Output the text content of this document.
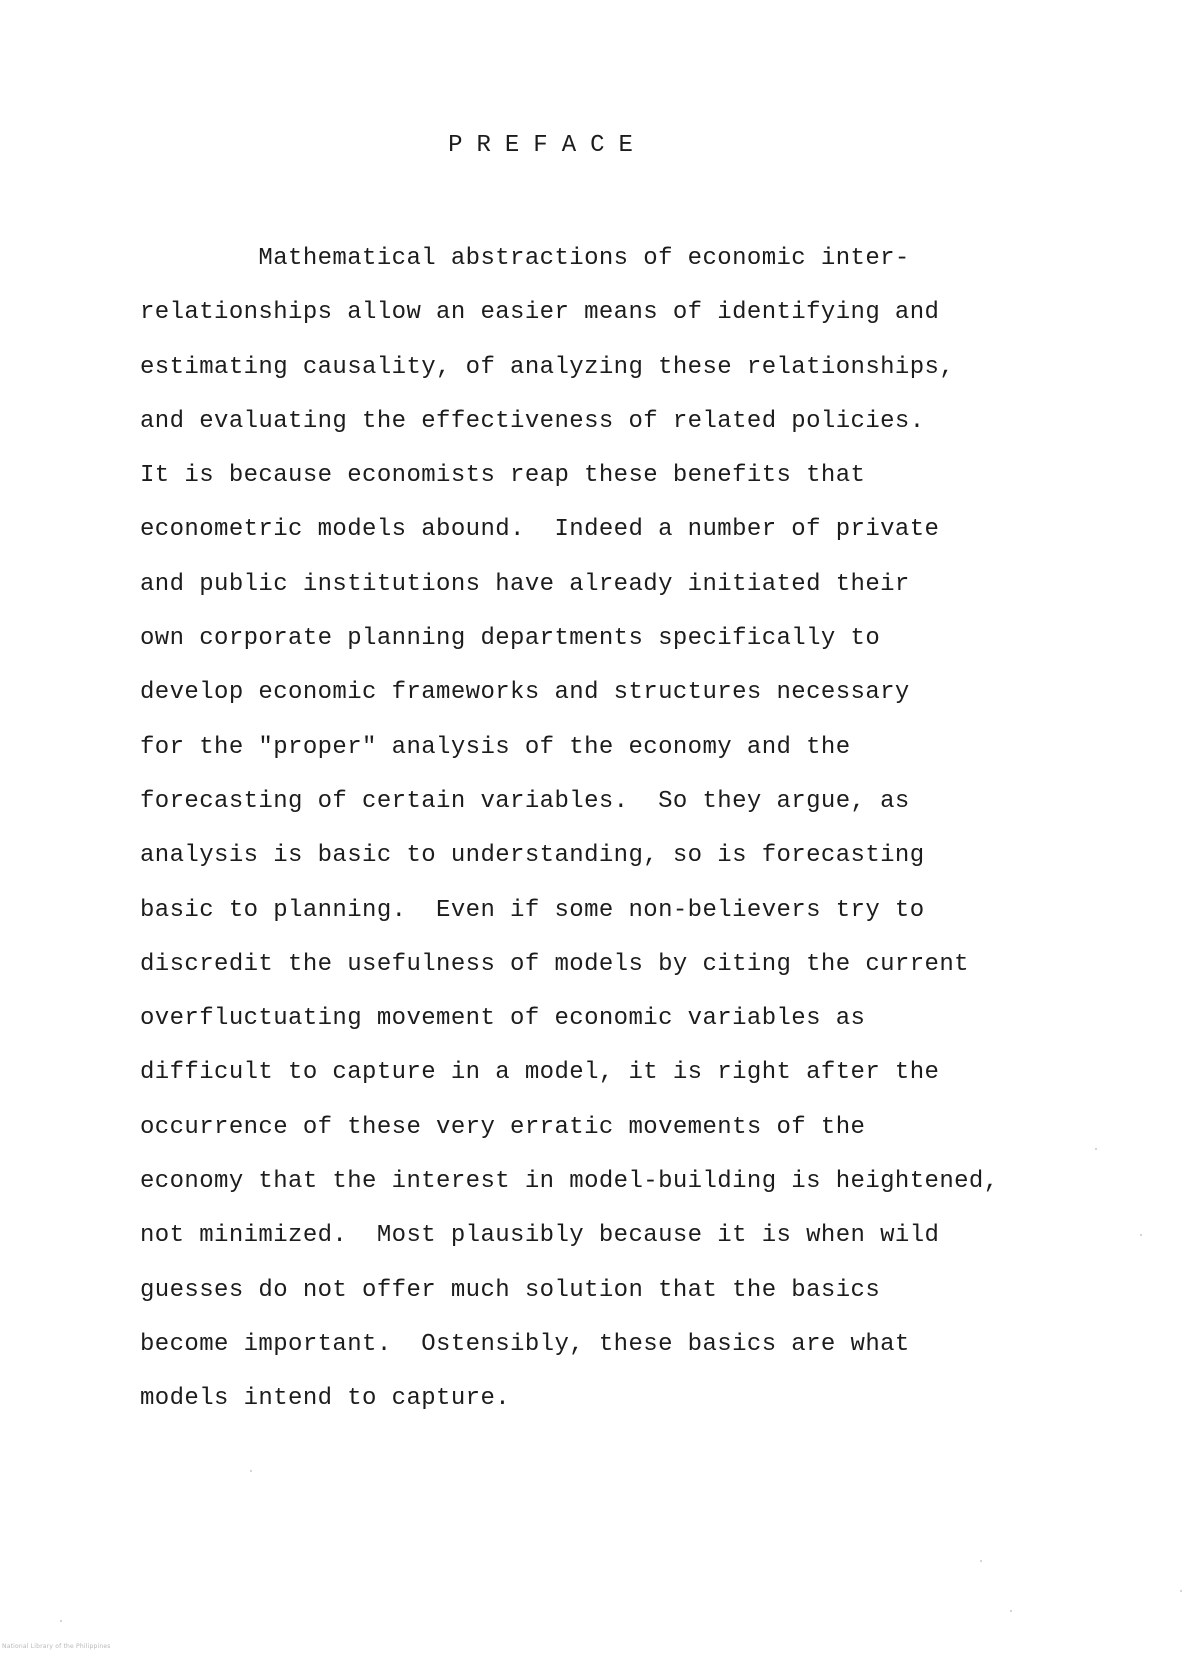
PREFACE
Mathematical abstractions of economic inter-
relationships allow an easier means of identifying and
estimating causality, of analyzing these relationships,
and evaluating the effectiveness of related policies.
It is because economists reap these benefits that
econometric models abound.  Indeed a number of private
and public institutions have already initiated their
own corporate planning departments specifically to
develop economic frameworks and structures necessary
for the "proper" analysis of the economy and the
forecasting of certain variables.  So they argue, as
analysis is basic to understanding, so is forecasting
basic to planning.  Even if some non-believers try to
discredit the usefulness of models by citing the current
overfluctuating movement of economic variables as
difficult to capture in a model, it is right after the
occurrence of these very erratic movements of the
economy that the interest in model-building is heightened,
not minimized.  Most plausibly because it is when wild
guesses do not offer much solution that the basics
become important.  Ostensibly, these basics are what
models intend to capture.
National Library of the Philippines
